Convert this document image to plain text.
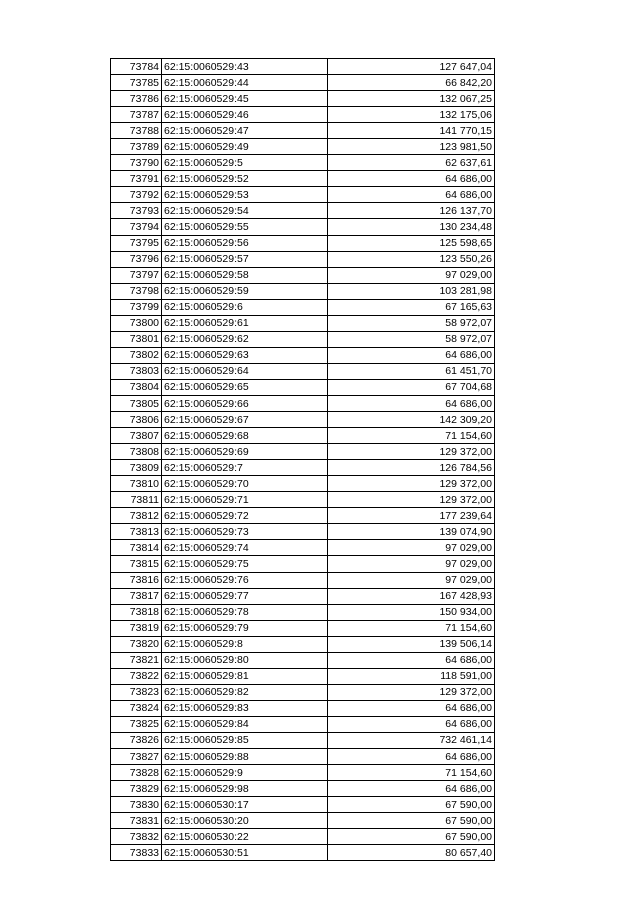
73784	62:15:0060529:43	127 647,04
73785	62:15:0060529:44	66 842,20
73786	62:15:0060529:45	132 067,25
73787	62:15:0060529:46	132 175,06
73788	62:15:0060529:47	141 770,15
73789	62:15:0060529:49	123 981,50
73790	62:15:0060529:5	62 637,61
73791	62:15:0060529:52	64 686,00
73792	62:15:0060529:53	64 686,00
73793	62:15:0060529:54	126 137,70
73794	62:15:0060529:55	130 234,48
73795	62:15:0060529:56	125 598,65
73796	62:15:0060529:57	123 550,26
73797	62:15:0060529:58	97 029,00
73798	62:15:0060529:59	103 281,98
73799	62:15:0060529:6	67 165,63
73800	62:15:0060529:61	58 972,07
73801	62:15:0060529:62	58 972,07
73802	62:15:0060529:63	64 686,00
73803	62:15:0060529:64	61 451,70
73804	62:15:0060529:65	67 704,68
73805	62:15:0060529:66	64 686,00
73806	62:15:0060529:67	142 309,20
73807	62:15:0060529:68	71 154,60
73808	62:15:0060529:69	129 372,00
73809	62:15:0060529:7	126 784,56
73810	62:15:0060529:70	129 372,00
73811	62:15:0060529:71	129 372,00
73812	62:15:0060529:72	177 239,64
73813	62:15:0060529:73	139 074,90
73814	62:15:0060529:74	97 029,00
73815	62:15:0060529:75	97 029,00
73816	62:15:0060529:76	97 029,00
73817	62:15:0060529:77	167 428,93
73818	62:15:0060529:78	150 934,00
73819	62:15:0060529:79	71 154,60
73820	62:15:0060529:8	139 506,14
73821	62:15:0060529:80	64 686,00
73822	62:15:0060529:81	118 591,00
73823	62:15:0060529:82	129 372,00
73824	62:15:0060529:83	64 686,00
73825	62:15:0060529:84	64 686,00
73826	62:15:0060529:85	732 461,14
73827	62:15:0060529:88	64 686,00
73828	62:15:0060529:9	71 154,60
73829	62:15:0060529:98	64 686,00
73830	62:15:0060530:17	67 590,00
73831	62:15:0060530:20	67 590,00
73832	62:15:0060530:22	67 590,00
73833	62:15:0060530:51	80 657,40
